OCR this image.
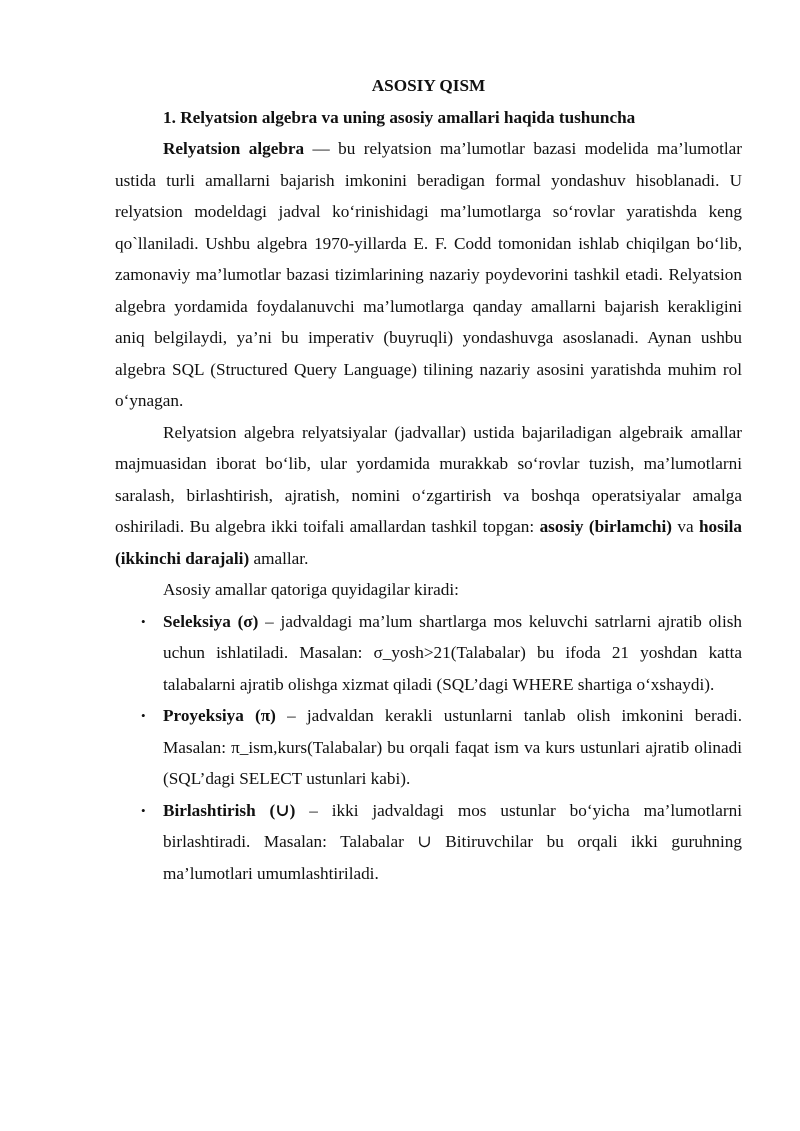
ASOSIY QISM

1. Relyatsion algebra va uning asosiy amallari haqida tushuncha

Relyatsion algebra — bu relyatsion ma’lumotlar bazasi modelida ma’lumotlar ustida turli amallarni bajarish imkonini beradigan formal yondashuv hisoblanadi. U relyatsion modeldagi jadval ko‘rinishidagi ma’lumotlarga so‘rovlar yaratishda keng qo`llaniladi. Ushbu algebra 1970-yillarda E. F. Codd tomonidan ishlab chiqilgan bo‘lib, zamonaviy ma’lumotlar bazasi tizimlarining nazariy poydevorini tashkil etadi. Relyatsion algebra yordamida foydalanuvchi ma’lumotlarga qanday amallarni bajarish kerakligini aniq belgilaydi, ya’ni bu imperativ (buyruqli) yondashuvga asoslanadi. Aynan ushbu algebra SQL (Structured Query Language) tilining nazariy asosini yaratishda muhim rol o‘ynagan.

Relyatsion algebra relyatsiyalar (jadvallar) ustida bajariladigan algebraik amallar majmuasidan iborat bo‘lib, ular yordamida murakkab so‘rovlar tuzish, ma’lumotlarni saralash, birlashtirish, ajratish, nomini o‘zgartirish va boshqa operatsiyalar amalga oshiriladi. Bu algebra ikki toifali amallardan tashkil topgan: asosiy (birlamchi) va hosila (ikkinchi darajali) amallar.

Asosiy amallar qatoriga quyidagilar kiradi:

• Seleksiya (σ) – jadvaldagi ma’lum shartlarga mos keluvchi satrlarni ajratib olish uchun ishlatiladi. Masalan: σ_yosh>21(Talabalar) bu ifoda 21 yoshdan katta talabalarni ajratib olishga xizmat qiladi (SQL’dagi WHERE shartiga o‘xshaydi).
• Proyeksiya (π) – jadvaldan kerakli ustunlarni tanlab olish imkonini beradi. Masalan: π_ism,kurs(Talabalar) bu orqali faqat ism va kurs ustunlari ajratib olinadi (SQL’dagi SELECT ustunlari kabi).
• Birlashtirish (∪) – ikki jadvaldagi mos ustunlar bo‘yicha ma’lumotlarni birlashtiradi. Masalan: Talabalar ∪ Bitiruvchilar bu orqali ikki guruhning ma’lumotlari umumlashtiriladi.
